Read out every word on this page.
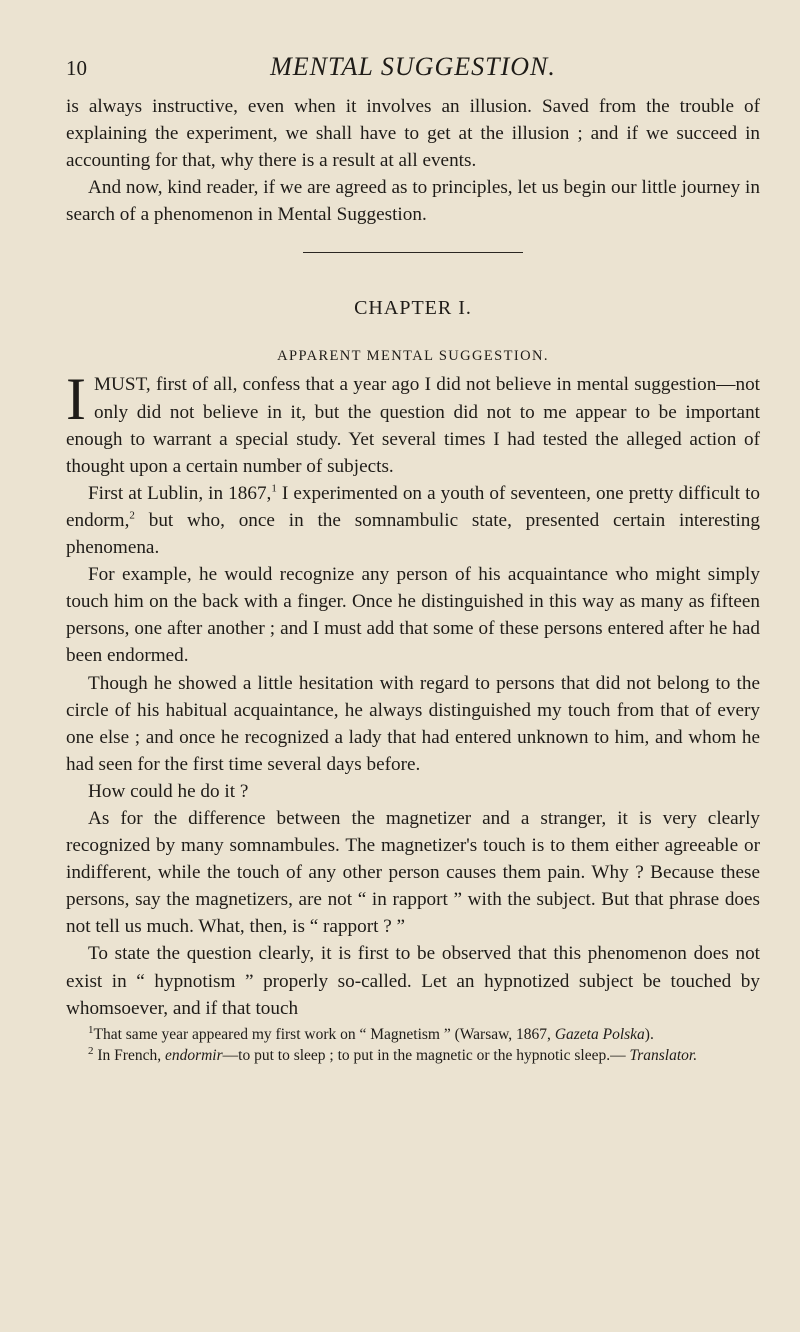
10	MENTAL SUGGESTION.

is always instructive, even when it involves an illusion. Saved from the trouble of explaining the experiment, we shall have to get at the illusion ; and if we succeed in accounting for that, why there is a result at all events.

And now, kind reader, if we are agreed as to principles, let us begin our little journey in search of a phenomenon in Mental Suggestion.

CHAPTER I.
APPARENT MENTAL SUGGESTION.

IMUST, first of all, confess that a year ago I did not believe in mental suggestion—not only did not believe in it, but the question did not to me appear to be important enough to warrant a special study. Yet several times I had tested the alleged action of thought upon a certain number of subjects.

First at Lublin, in 1867,$^1$ I experimented on a youth of seventeen, one pretty difficult to endorm,$^2$ but who, once in the somnambulic state, presented certain interesting phenomena.

For example, he would recognize any person of his acquaintance who might simply touch him on the back with a finger. Once he distinguished in this way as many as fifteen persons, one after another ; and I must add that some of these persons entered after he had been endormed.

Though he showed a little hesitation with regard to persons that did not belong to the circle of his habitual acquaintance, he always distinguished my touch from that of every one else ; and once he recognized a lady that had entered unknown to him, and whom he had seen for the first time several days before.

How could he do it ?

As for the difference between the magnetizer and a stranger, it is very clearly recognized by many somnambules. The magnetizer's touch is to them either agreeable or indifferent, while the touch of any other person causes them pain. Why ? Because these persons, say the magnetizers, are not “ in rapport ” with the subject. But that phrase does not tell us much. What, then, is “ rapport ? ”

To state the question clearly, it is first to be observed that this phenomenon does not exist in “ hypnotism ” properly so-called. Let an hypnotized subject be touched by whomsoever, and if that touch

$^1$That same year appeared my first work on “ Magnetism ” (Warsaw, 1867, Gazeta Polska).

$^2$ In French, endormir—to put to sleep ; to put in the magnetic or the hypnotic sleep.— Translator.
